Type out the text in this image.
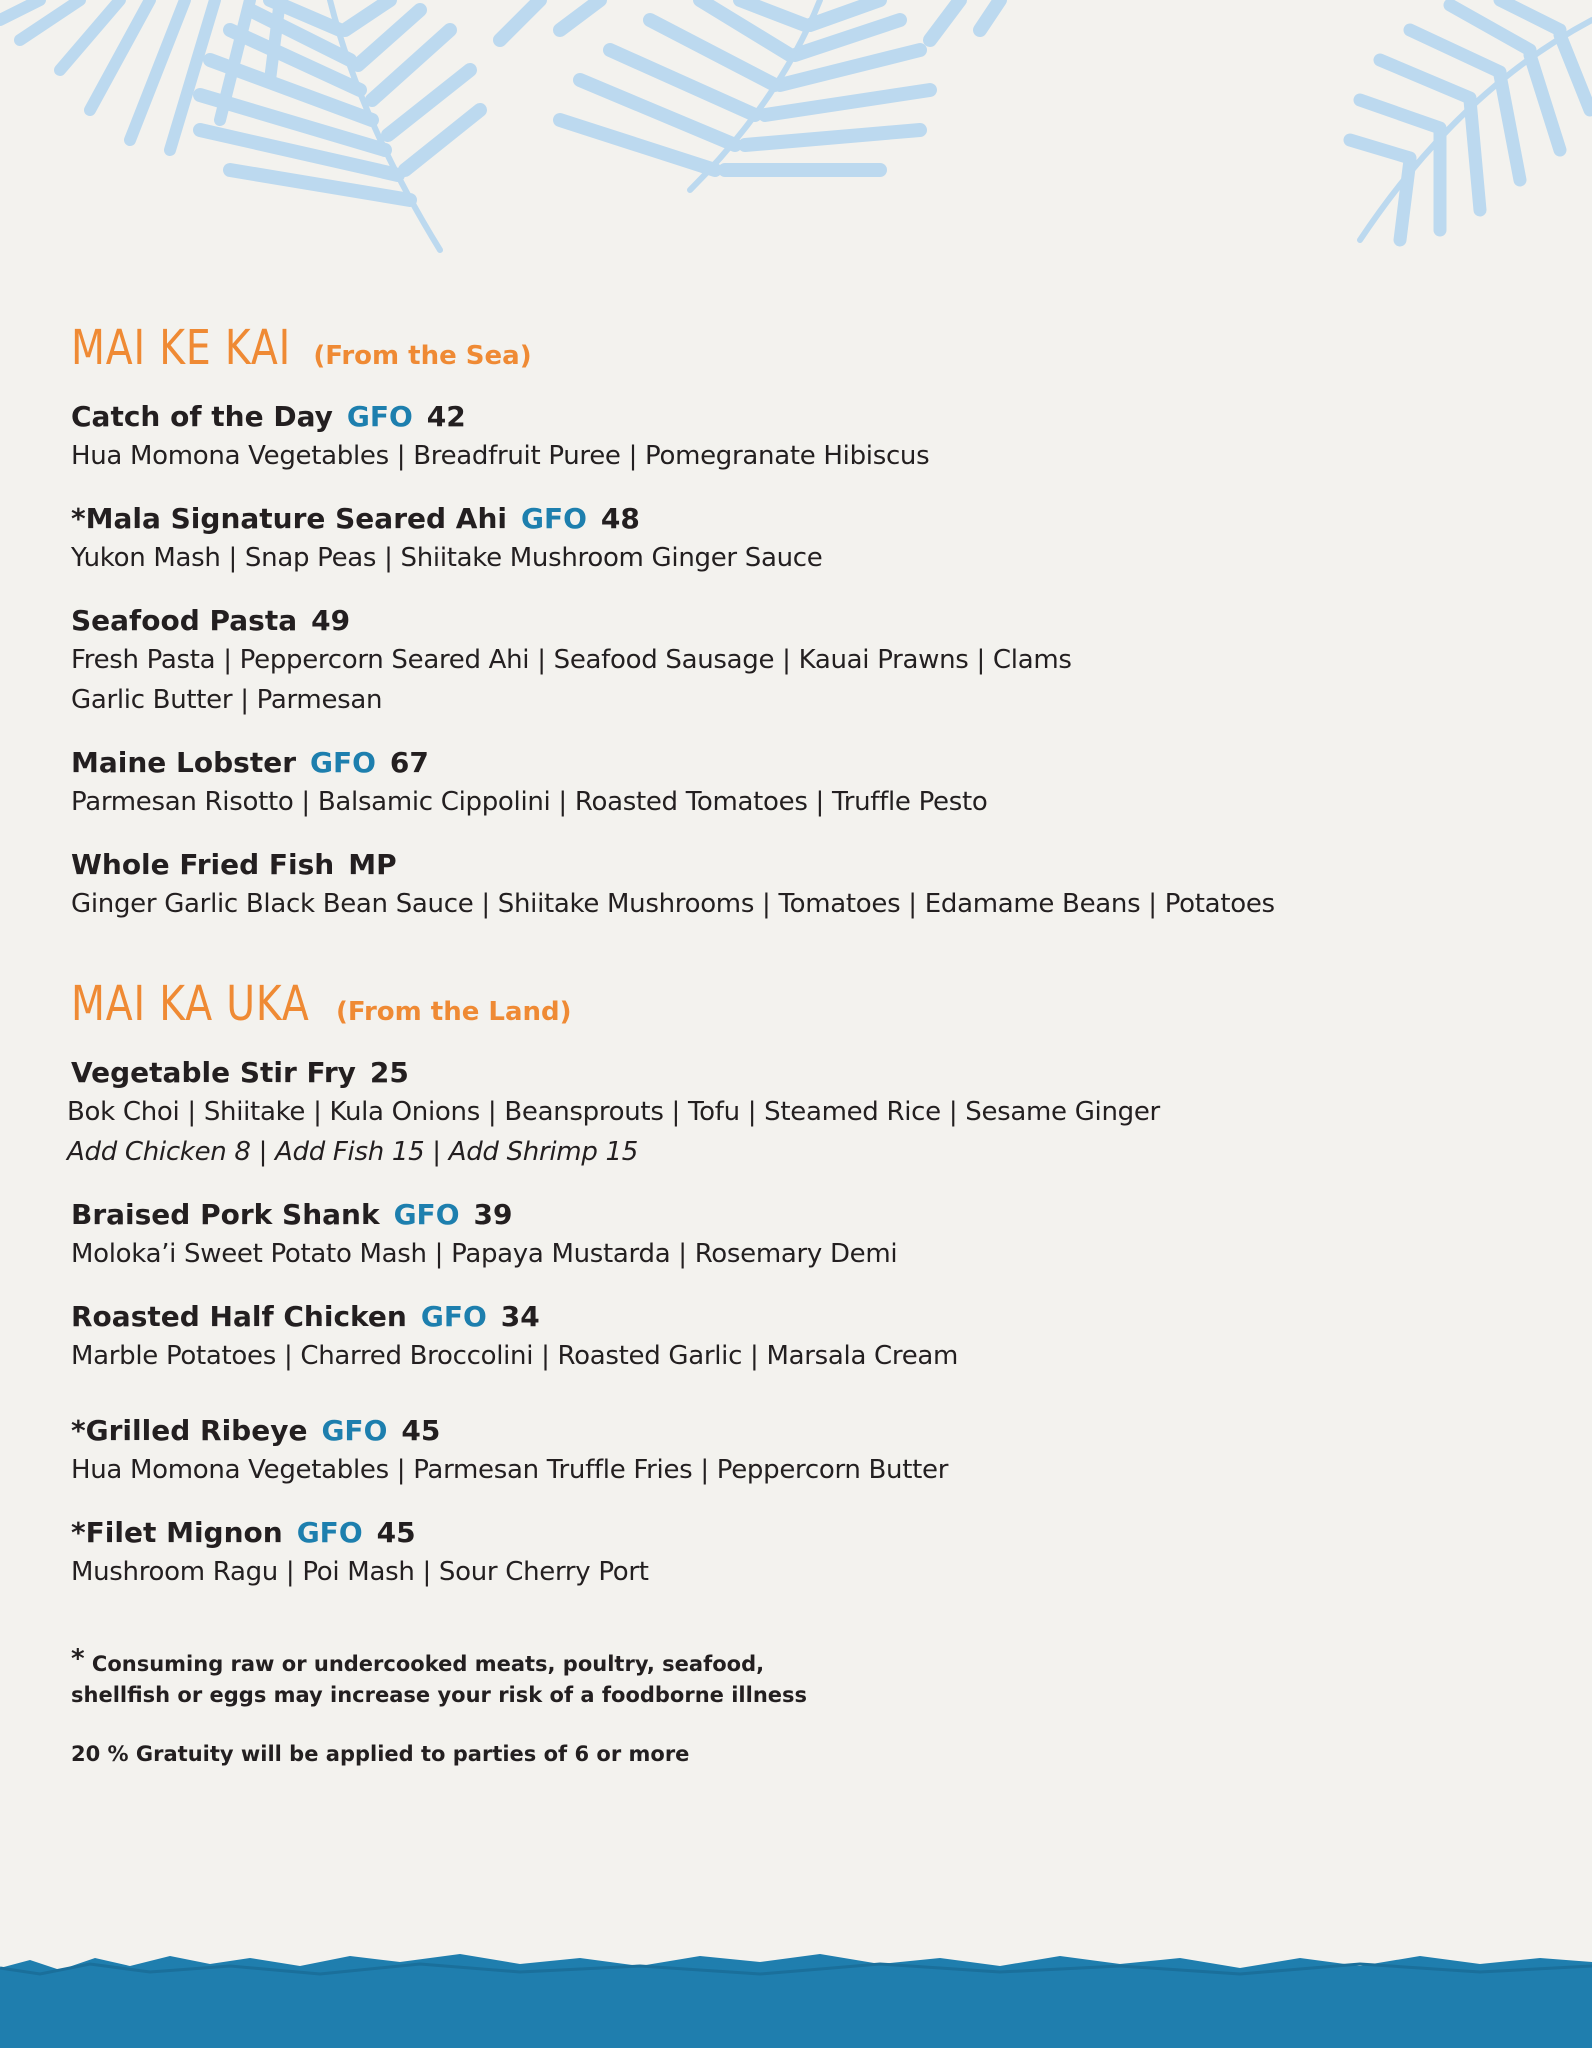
MAI KE KAI (From the Sea)
Catch of the Day GFO 42
Hua Momona Vegetables | Breadfruit Puree | Pomegranate Hibiscus
*Mala Signature Seared Ahi GFO 48
Yukon Mash | Snap Peas | Shiitake Mushroom Ginger Sauce
Seafood Pasta 49
Fresh Pasta | Peppercorn Seared Ahi | Seafood Sausage | Kauai Prawns | Clams
Garlic Butter | Parmesan
Maine Lobster GFO 67
Parmesan Risotto | Balsamic Cippolini | Roasted Tomatoes | Truffle Pesto
Whole Fried Fish MP
Ginger Garlic Black Bean Sauce | Shiitake Mushrooms | Tomatoes | Edamame Beans | Potatoes
MAI KA UKA (From the Land)
Vegetable Stir Fry 25
Bok Choi | Shiitake | Kula Onions | Beansprouts | Tofu | Steamed Rice | Sesame Ginger
Add Chicken 8 | Add Fish 15 | Add Shrimp 15
Braised Pork Shank GFO 39
Moloka’i Sweet Potato Mash | Papaya Mustarda | Rosemary Demi
Roasted Half Chicken GFO 34
Marble Potatoes | Charred Broccolini | Roasted Garlic | Marsala Cream
*Grilled Ribeye GFO 45
Hua Momona Vegetables | Parmesan Truffle Fries | Peppercorn Butter
*Filet Mignon GFO 45
Mushroom Ragu | Poi Mash | Sour Cherry Port
* Consuming raw or undercooked meats, poultry, seafood, shellfish or eggs may increase your risk of a foodborne illness
20 % Gratuity will be applied to parties of 6 or more
